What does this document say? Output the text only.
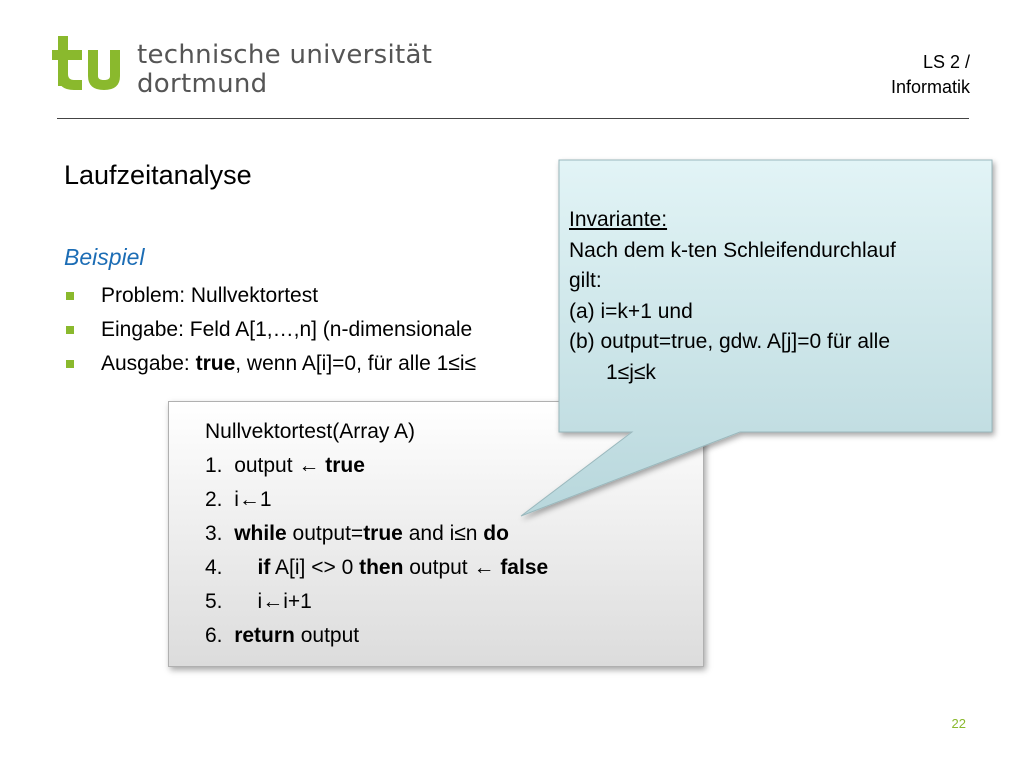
technische universität
dortmund
LS 2 /
Informatik
Laufzeitanalyse
Beispiel
Problem: Nullvektortest
Eingabe: Feld A[1,…,n] (n-dimensionale
Ausgabe: true, wenn A[i]=0, für alle 1≤i≤
Nullvektortest(Array A)
1.  output ← true
2.  i←1
3.  while output=true and i≤n do
4.      if A[i] <> 0 then output ← false
5.      i←i+1
6.  return output
Invariante:
Nach dem k-ten Schleifendurchlauf
gilt:
(a) i=k+1 und
(b) output=true, gdw. A[j]=0 für alle
1≤j≤k
22
